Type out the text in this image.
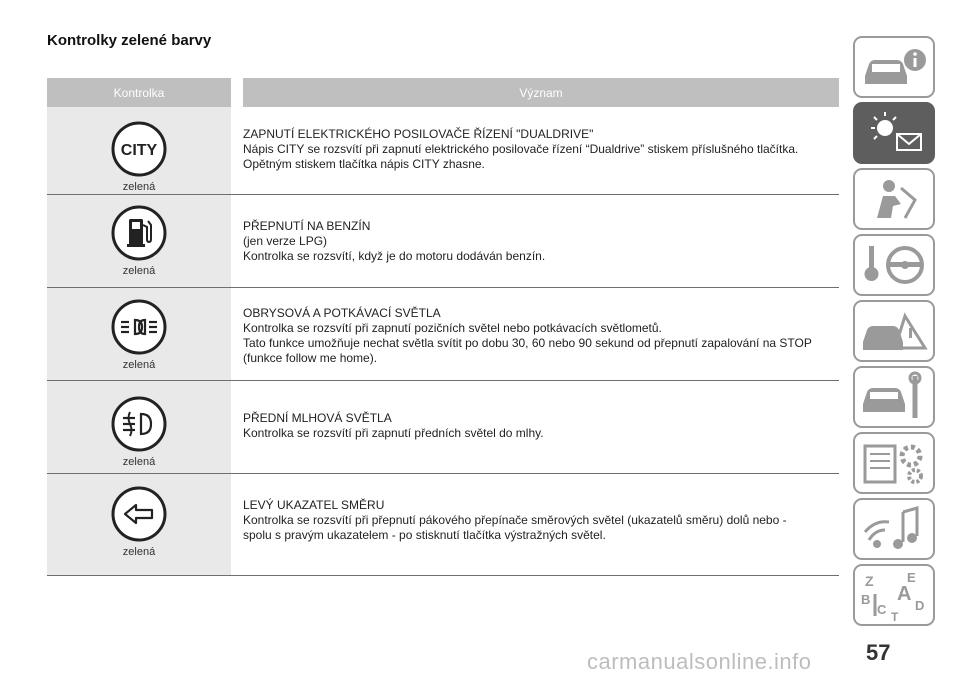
Kontrolky zelené barvy
Kontrolka	Význam
CITY
zelená
ZAPNUTÍ ELEKTRICKÉHO POSILOVAČE ŘÍZENÍ "DUALDRIVE"
Nápis CITY se rozsvítí při zapnutí elektrického posilovače řízení “Dualdrive” stiskem příslušného tlačítka.
Opětným stiskem tlačítka nápis CITY zhasne.
zelená
PŘEPNUTÍ NA BENZÍN
(jen verze LPG)
Kontrolka se rozsvítí, když je do motoru dodáván benzín.
zelená
OBRYSOVÁ A POTKÁVACÍ SVĚTLA
Kontrolka se rozsvítí při zapnutí pozičních světel nebo potkávacích světlometů.
Tato funkce umožňuje nechat světla svítit po dobu 30, 60 nebo 90 sekund od přepnutí zapalování na STOP
(funkce follow me home).
zelená
PŘEDNÍ MLHOVÁ SVĚTLA
Kontrolka se rozsvítí při zapnutí předních světel do mlhy.
zelená
LEVÝ UKAZATEL SMĚRU
Kontrolka se rozsvítí při přepnutí pákového přepínače směrových světel (ukazatelů směru) dolů nebo -
spolu s pravým ukazatelem - po stisknutí tlačítka výstražných světel.
Z	E
B A
C D
T
57
carmanualsonline.info
